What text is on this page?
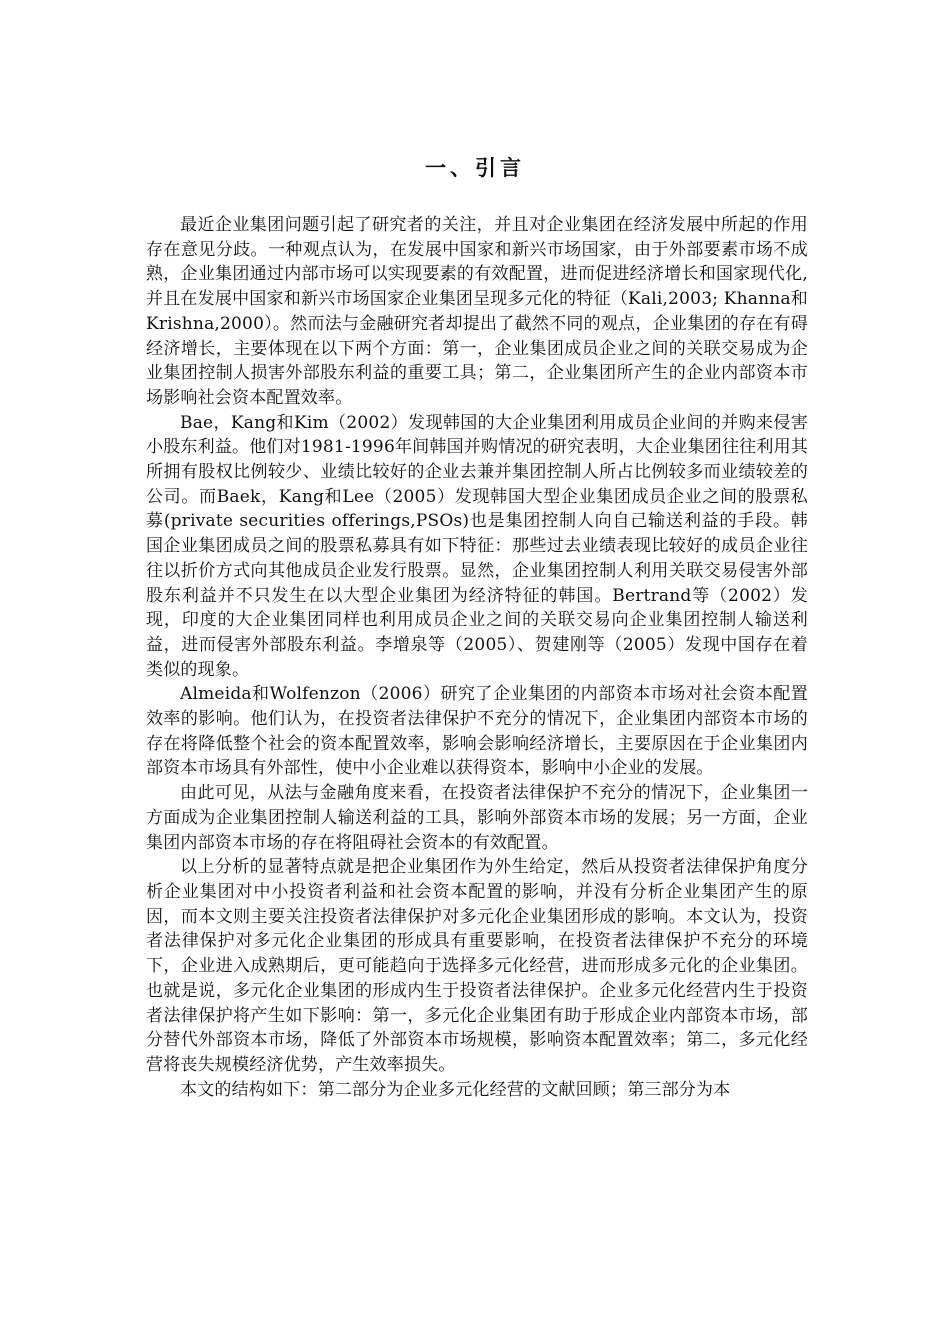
一、引言

最近企业集团问题引起了研究者的关注，并且对企业集团在经济发展中所起的作用存在意见分歧。一种观点认为，在发展中国家和新兴市场国家，由于外部要素市场不成熟，企业集团通过内部市场可以实现要素的有效配置，进而促进经济增长和国家现代化,并且在发展中国家和新兴市场国家企业集团呈现多元化的特征（Kali,2003; Khanna和Krishna,2000）。然而法与金融研究者却提出了截然不同的观点，企业集团的存在有碍经济增长，主要体现在以下两个方面：第一，企业集团成员企业之间的关联交易成为企业集团控制人损害外部股东利益的重要工具；第二，企业集团所产生的企业内部资本市场影响社会资本配置效率。

Bae，Kang和Kim（2002）发现韩国的大企业集团利用成员企业间的并购来侵害小股东利益。他们对1981-1996年间韩国并购情况的研究表明，大企业集团往往利用其所拥有股权比例较少、业绩比较好的企业去兼并集团控制人所占比例较多而业绩较差的公司。而Baek，Kang和Lee（2005）发现韩国大型企业集团成员企业之间的股票私募(private securities offerings,PSOs)也是集团控制人向自己输送利益的手段。韩国企业集团成员之间的股票私募具有如下特征：那些过去业绩表现比较好的成员企业往往以折价方式向其他成员企业发行股票。显然，企业集团控制人利用关联交易侵害外部股东利益并不只发生在以大型企业集团为经济特征的韩国。Bertrand等（2002）发现，印度的大企业集团同样也利用成员企业之间的关联交易向企业集团控制人输送利益，进而侵害外部股东利益。李增泉等（2005）、贺建刚等（2005）发现中国存在着类似的现象。

Almeida和Wolfenzon（2006）研究了企业集团的内部资本市场对社会资本配置效率的影响。他们认为，在投资者法律保护不充分的情况下，企业集团内部资本市场的存在将降低整个社会的资本配置效率，影响会影响经济增长，主要原因在于企业集团内部资本市场具有外部性，使中小企业难以获得资本，影响中小企业的发展。

由此可见，从法与金融角度来看，在投资者法律保护不充分的情况下，企业集团一方面成为企业集团控制人输送利益的工具，影响外部资本市场的发展；另一方面，企业集团内部资本市场的存在将阻碍社会资本的有效配置。

以上分析的显著特点就是把企业集团作为外生给定，然后从投资者法律保护角度分析企业集团对中小投资者利益和社会资本配置的影响，并没有分析企业集团产生的原因，而本文则主要关注投资者法律保护对多元化企业集团形成的影响。本文认为，投资者法律保护对多元化企业集团的形成具有重要影响，在投资者法律保护不充分的环境下，企业进入成熟期后，更可能趋向于选择多元化经营，进而形成多元化的企业集团。也就是说，多元化企业集团的形成内生于投资者法律保护。企业多元化经营内生于投资者法律保护将产生如下影响：第一，多元化企业集团有助于形成企业内部资本市场，部分替代外部资本市场，降低了外部资本市场规模，影响资本配置效率；第二，多元化经营将丧失规模经济优势，产生效率损失。

本文的结构如下：第二部分为企业多元化经营的文献回顾；第三部分为本
